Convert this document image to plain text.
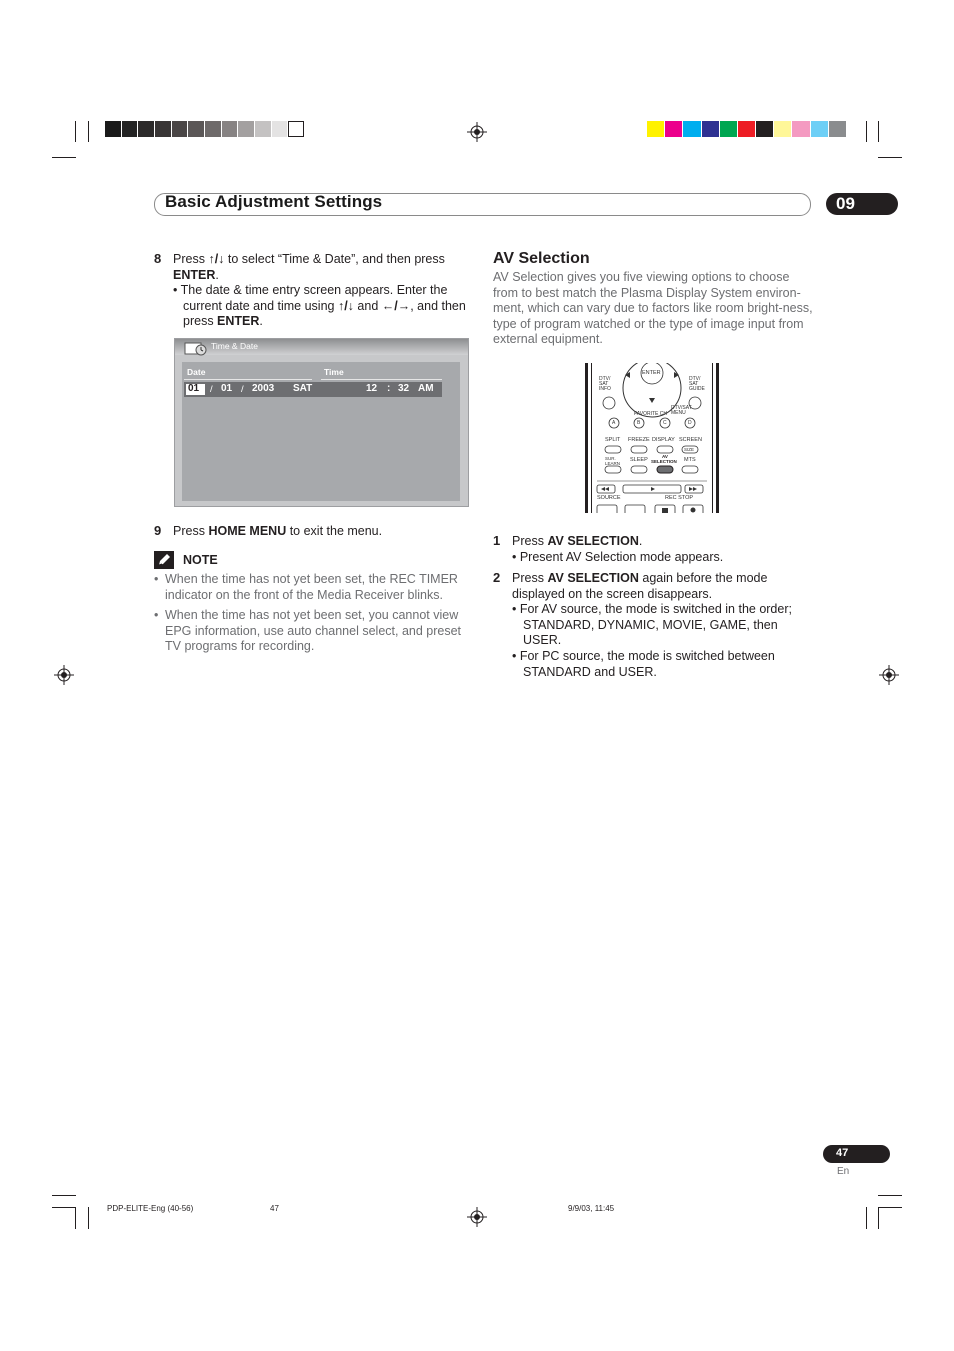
Basic Adjustment Settings	09
8 Press ↑/↓ to select “Time & Date”, and then press
ENTER.
• The date & time entry screen appears. Enter the current date and time using ↑/↓ and ←/→, and then press ENTER.
Time & Date
Date	Time
01 / 01 / 2003 SAT	12 : 32 AM
9 Press HOME MENU to exit the menu.
NOTE
• When the time has not yet been set, the REC TIMER indicator on the front of the Media Receiver blinks.
• When the time has not yet been set, you cannot view EPG information, use auto channel select, and preset TV programs for recording.
AV Selection
AV Selection gives you five viewing options to choose from to best match the Plasma Display System environ-ment, which can vary due to factors like room bright-ness, type of program watched or the type of image input from external equipment.
ENTER
DTV/ SAT INFO
DTV/ SAT GUIDE
FAVORITE CH
DTV/SAT MENU
A	B	C	D
SPLIT FREEZE DISPLAY SCREEN
SIZE
SUR. LEARN
SLEEP
AV
SELECTION MTS
SOURCE	REC STOP
1 Press AV SELECTION.
• Present AV Selection mode appears.
2 Press AV SELECTION again before the mode displayed on the screen disappears.
• For AV source, the mode is switched in the order; STANDARD, DYNAMIC, MOVIE, GAME, then USER.
• For PC source, the mode is switched between STANDARD and USER.
47
En
PDP-ELITE-Eng (40-56)	47	9/9/03, 11:45
